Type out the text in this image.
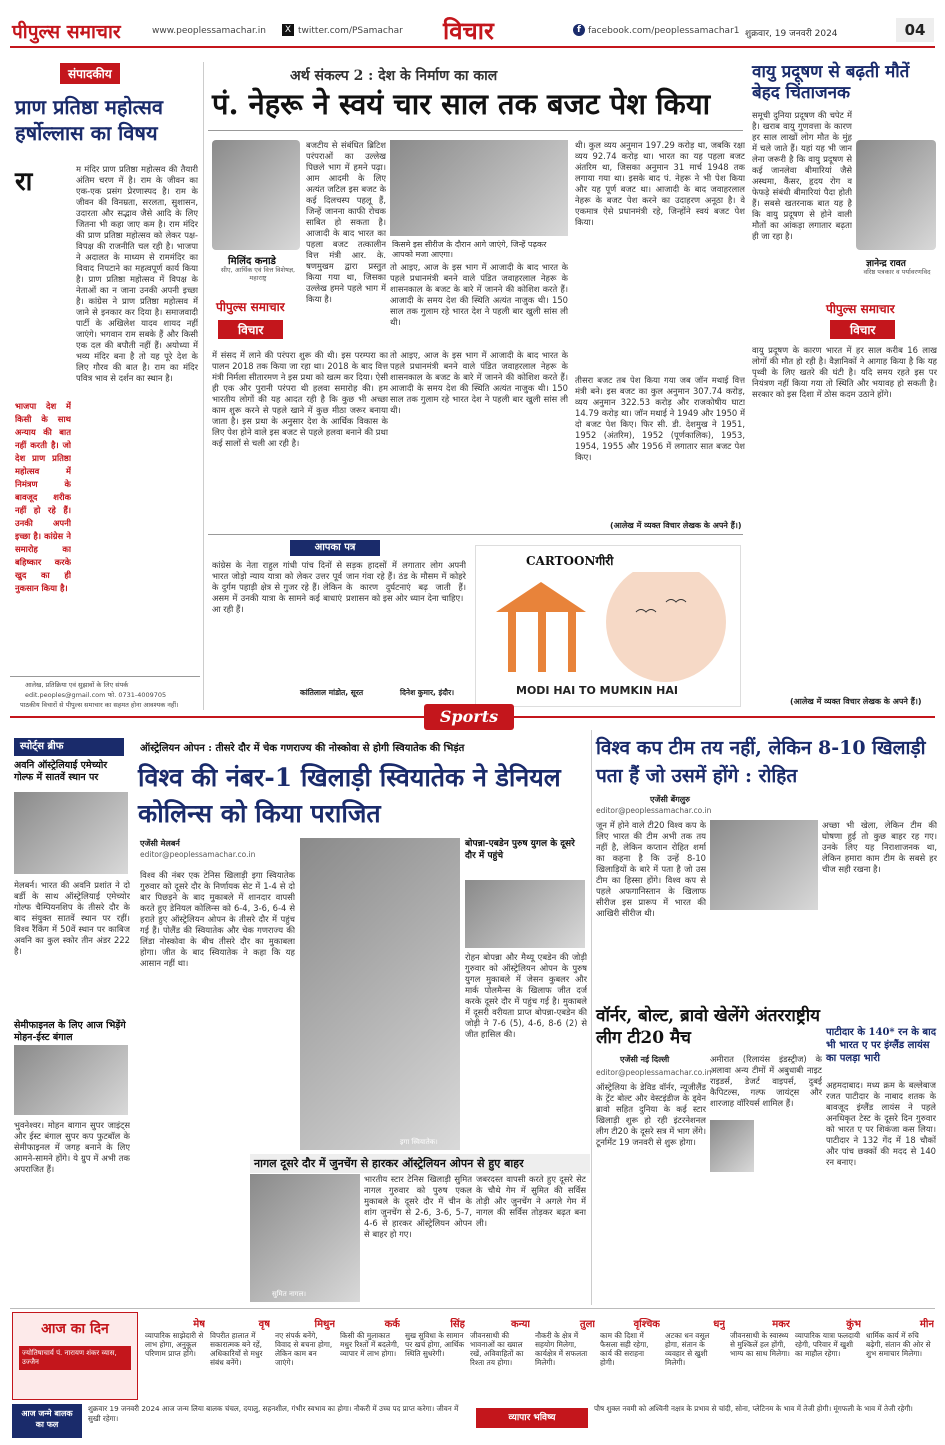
पीपुल्स समाचार	www.peoplessamachar.in	X twitter.com/PSamachar विचार	f facebook.com/peoplessamachar1 शुक्रवार, 19 जनवरी 2024	04
संपादकीय
प्राण प्रतिष्ठा महोत्सव हर्षोल्लास का विषय
रा	म मंदिर प्राण प्रतिष्ठा महोत्सव की तैयारी अंतिम चरण में है। राम के जीवन का एक-एक प्रसंग प्रेरणास्पद है। राम के जीवन की विनम्रता, सरलता, सुशासन, उदारता और सद्भाव जैसे आदि के लिए जितना भी कहा जाए कम है। राम मंदिर की प्राण प्रतिष्ठा महोत्सव को लेकर पक्ष-विपक्ष की राजनीति चल रही है। भाजपा ने अदालत के माध्यम से राममंदिर का विवाद निपटाने का महत्वपूर्ण कार्य किया है। प्राण प्रतिष्ठा महोत्सव में विपक्ष के नेताओं का न जाना उनकी अपनी इच्छा है। कांग्रेस ने प्राण प्रतिष्ठा महोत्सव में जाने से इनकार कर दिया है। समाजवादी पार्टी के अखिलेश यादव शायद नहीं जाएंगे। भगवान राम सबके हैं और किसी एक दल की बपौती नहीं हैं। अयोध्या में भव्य मंदिर बना है तो यह पूरे देश के लिए गौरव की बात है। राम का मंदिर पवित्र भाव से दर्शन का स्थान है।
भाजपा देश में किसी के साथ अन्याय की बात नहीं करती है। जो देश प्राण प्रतिष्ठा महोत्सव में निमंत्रण के बावजूद शरीक नहीं हो रहे हैं। उनकी अपनी इच्छा है। कांग्रेस ने समारोह का बहिष्कार करके खुद का ही नुकसान किया है।
आलेख, प्रतिक्रिया एवं सुझावों के लिए संपर्क
edit.peoples@gmail.com फो. 0731-4009705
पाठकीय विचारों से पीपुल्स समाचार का सहमत होना आवश्यक नहीं।
अर्थ संकल्प 2 : देश के निर्माण का काल
पं. नेहरू ने स्वयं चार साल तक बजट पेश किया
मिलिंद कनाडे
सीए, आर्थिक एवं वित्त विशेषज्ञ, महाराष्ट्र
पीपुल्स समाचार
विचार
बजटीय से संबंधित ब्रिटिश परंपराओं का उल्लेख पिछले भाग में हमने पढ़ा। आम आदमी के लिए अत्यंत जटिल इस बजट के कई दिलचस्प पहलू हैं, जिन्हें जानना काफी रोचक साबित हो सकता है। आजादी के बाद भारत का पहला बजट तत्कालीन वित्त मंत्री आर. के. षणमुखम द्वारा प्रस्तुत किया गया था, जिसका उल्लेख हमने पहले भाग में किया है।
किसमे इस सीरीज के दौरान आगे जाएंगे, जिन्हें पढ़कर आपको मजा आएगा।
तो आइए, आज के इस भाग में आजादी के बाद भारत के पहले प्रधानमंत्री बनने वाले पंडित जवाहरलाल नेहरू के शासनकाल के बजट के बारे में जानने की कोशिश करते हैं। आजादी के समय देश की स्थिति अत्यंत नाजुक थी। 150 साल तक गुलाम रहे भारत देश ने पहली बार खुली सांस ली थी।
में संसद में लाने की परंपरा शुरू की थी। इस परम्परा का पालन 2018 तक किया जा रहा था। 2018 के बाद वित्त मंत्री निर्मला सीतारमण ने इस प्रथा को खत्म कर दिया। ऐसी ही एक और पुरानी परंपरा थी हलवा समारोह की। हम भारतीय लोगों की यह आदत रही है कि कुछ भी अच्छा काम शुरू करने से पहले खाने में कुछ मीठा जरूर बनाया जाता है। इस प्रथा के अनुसार देश के आर्थिक विकास के लिए पेश होने वाले इस बजट से पहले हलवा बनाने की प्रथा कई सालों से चली आ रही है।
तो आइए, आज के इस भाग में आजादी के बाद भारत के पहले प्रधानमंत्री बनने वाले पंडित जवाहरलाल नेहरू के शासनकाल के बजट के बारे में जानने की कोशिश करते हैं। आजादी के समय देश की स्थिति अत्यंत नाजुक थी। 150 साल तक गुलाम रहे भारत देश ने पहली बार खुली सांस ली थी।
थी। कुल व्यय अनुमान 197.29 करोड़ था, जबकि रक्षा व्यय 92.74 करोड़ था। भारत का यह पहला बजट अंतरिम था, जिसका अनुमान 31 मार्च 1948 तक लगाया गया था। इसके बाद पं. नेहरू ने भी पेश किया और यह पूर्ण बजट था। आजादी के बाद जवाहरलाल नेहरू के बजट पेश करने का उदाहरण अनूठा है। वे एकमात्र ऐसे प्रधानमंत्री रहे, जिन्होंने स्वयं बजट पेश किया।
तीसरा बजट तब पेश किया गया जब जॉन मथाई वित्त मंत्री बने। इस बजट का कुल अनुमान 307.74 करोड़, व्यय अनुमान 322.53 करोड़ और राजकोषीय घाटा 14.79 करोड़ था। जॉन मथाई ने 1949 और 1950 में दो बजट पेश किए। फिर सी. डी. देशमुख ने 1951, 1952 (अंतरिम), 1952 (पूर्णकालिक), 1953, 1954, 1955 और 1956 में लगातार सात बजट पेश किए।
(आलेख में व्यक्त विचार लेखक के अपने हैं।)
आपका पत्र
कांग्रेस के नेता राहुल गांधी पांच दिनों से भारत जोड़ो न्याय यात्रा को लेकर उत्तर पूर्व के दुर्गम पहाड़ी क्षेत्र से गुजर रहे हैं। लेकिन असम में उनकी यात्रा के सामने कई बाधाएं आ रही हैं।
सड़क हादसों में लगातार लोग अपनी जान गंवा रहे हैं। ठंड के मौसम में कोहरे के कारण दुर्घटनाएं बढ़ जाती हैं। प्रशासन को इस ओर ध्यान देना चाहिए।
कांतिलाल मांडोत, सूरत	दिनेश कुमार, इंदौर।
CARTOONगीरी
MODI HAI TO MUMKIN HAI
वायु प्रदूषण से बढ़ती मौतें बेहद चिंताजनक
समूची दुनिया प्रदूषण की चपेट में है। खराब वायु गुणवत्ता के कारण हर साल लाखों लोग मौत के मुंह में चले जाते हैं। यहां यह भी जान लेना जरूरी है कि वायु प्रदूषण से कई जानलेवा बीमारियां जैसे अस्थमा, कैंसर, हृदय रोग व फेफड़े संबंधी बीमारियां पैदा होती हैं। सबसे खतरनाक बात यह है कि वायु प्रदूषण से होने वाली मौतों का आंकड़ा लगातार बढ़ता ही जा रहा है।
ज्ञानेन्द्र रावत
वरिष्ठ पत्रकार व पर्यावरणविद
पीपुल्स समाचार
विचार
वायु प्रदूषण के कारण भारत में हर साल करीब 16 लाख लोगों की मौत हो रही है। वैज्ञानिकों ने आगाह किया है कि यह पृथ्वी के लिए खतरे की घंटी है। यदि समय रहते इस पर नियंत्रण नहीं किया गया तो स्थिति और भयावह हो सकती है। सरकार को इस दिशा में ठोस कदम उठाने होंगे।
(आलेख में व्यक्त विचार लेखक के अपने हैं।)
Sports
स्पोर्ट्स ब्रीफ
अवनि ऑस्ट्रेलियाई एमेच्योर गोल्फ में सातवें स्थान पर
मेलबर्न। भारत की अवनि प्रशांत ने दो बर्डी के साथ ऑस्ट्रेलियाई एमेच्योर गोल्फ चैम्पियनशिप के तीसरे दौर के बाद संयुक्त सातवें स्थान पर रहीं। विश्व रैंकिंग में 50वें स्थान पर काबिज अवनि का कुल स्कोर तीन अंडर 222 है।
सेमीफाइनल के लिए आज भिड़ेंगे मोहन-ईस्ट बंगाल
भुवनेश्वर। मोहन बागान सुपर जाइंट्स और ईस्ट बंगाल सुपर कप फुटबॉल के सेमीफाइनल में जगह बनाने के लिए आमने-सामने होंगे। ये ग्रुप में अभी तक अपराजित हैं।
ऑस्ट्रेलियन ओपन : तीसरे दौर में चेक गणराज्य की नोस्कोवा से होगी स्वियातेक की भिड़ंत
विश्व की नंबर-1 खिलाड़ी स्वियातेक ने डेनियल कोलिन्स को किया पराजित
एजेंसी मेलबर्न
editor@peoplessamachar.co.in
विश्व की नंबर एक टेनिस खिलाड़ी इगा स्वियातेक गुरुवार को दूसरे दौर के निर्णायक सेट में 1-4 से दो बार पिछड़ने के बाद मुकाबले में शानदार वापसी करते हुए डेनियल कोलिन्स को 6-4, 3-6, 6-4 से हराते हुए ऑस्ट्रेलियन ओपन के तीसरे दौर में पहुंच गई हैं। पोलैंड की स्वियातेक और चेक गणराज्य की लिंडा नोस्कोवा के बीच तीसरे दौर का मुकाबला होगा। जीत के बाद स्वियातेक ने कहा कि यह आसान नहीं था।
इगा स्वियातेक।
बोपन्ना-एबडेन पुरुष युगल के दूसरे दौर में पहुंचे
रोहन बोपन्ना और मैथ्यू एबडेन की जोड़ी गुरुवार को ऑस्ट्रेलियन ओपन के पुरुष युगल मुकाबले में जेसन कुबलर और मार्क पोलमैन्स के खिलाफ जीत दर्ज करके दूसरे दौर में पहुंच गई है। मुकाबले में दूसरी वरीयता प्राप्त बोपन्ना-एबडेन की जोड़ी ने 7-6 (5), 4-6, 8-6 (2) से जीत हासिल की।
नागल दूसरे दौर में जुनचेंग से हारकर ऑस्ट्रेलियन ओपन से हुए बाहर
सुमित नागल।
भारतीय स्टार टेनिस खिलाड़ी सुमित नागल गुरुवार को पुरुष एकल मुकाबले के दूसरे दौर में चीन के शांग जुनचेंग से 2-6, 3-6, 5-7, 4-6 से हारकर ऑस्ट्रेलियन ओपन से बाहर हो गए।
जबरदस्त वापसी करते हुए दूसरे सेट के चौथे गेम में सुमित की सर्विस तोड़ी और जुनचेंग ने अगले गेम में नागल की सर्विस तोड़कर बढ़त बना ली।
विश्व कप टीम तय नहीं, लेकिन 8-10 खिलाड़ी पता हैं जो उसमें होंगे : रोहित
एजेंसी बेंगलुरु
editor@peoplessamachar.co.in
जून में होने वाले टी20 विश्व कप के लिए भारत की टीम अभी तक तय नहीं है, लेकिन कप्तान रोहित शर्मा का कहना है कि उन्हें 8-10 खिलाड़ियों के बारे में पता है जो उस टीम का हिस्सा होंगे। विश्व कप से पहले अफगानिस्तान के खिलाफ सीरीज इस प्रारूप में भारत की आखिरी सीरीज थी।
अच्छा भी खेला, लेकिन टीम की घोषणा हुई तो कुछ बाहर रह गए। उनके लिए यह निराशाजनक था, लेकिन हमारा काम टीम के सबसे हर चीज सही रखना है।
वॉर्नर, बोल्ट, ब्रावो खेलेंगे अंतरराष्ट्रीय लीग टी20 मैच
एजेंसी नई दिल्ली
editor@peoplessamachar.co.in
ऑस्ट्रेलिया के डेविड वॉर्नर, न्यूजीलैंड के ट्रेंट बोल्ट और वेस्टइंडीज के ड्वेन ब्रावो सहित दुनिया के कई स्टार खिलाड़ी शुरू हो रही इंटरनेशनल लीग टी20 के दूसरे सत्र में भाग लेंगे। टूर्नामेंट 19 जनवरी से शुरू होगा।
अमीरात (रिलायंस इंडस्ट्रीज) के अलावा अन्य टीमों में अबुधाबी नाइट राइडर्स, डेजर्ट वाइपर्स, दुबई कैपिटल्स, गल्फ जायंट्स और शारजाह वॉरियर्स शामिल हैं।
पाटीदार के 140* रन के बाद भी भारत ए पर इंग्लैंड लायंस का पलड़ा भारी
अहमदाबाद। मध्य क्रम के बल्लेबाज रजत पाटीदार के नाबाद शतक के बावजूद इंग्लैंड लायंस ने पहले अनधिकृत टेस्ट के दूसरे दिन गुरुवार को भारत ए पर शिकंजा कस लिया। पाटीदार ने 132 गेंद में 18 चौकों और पांच छक्कों की मदद से 140 रन बनाए।
आज का दिन
ज्योतिषाचार्य पं. नारायण शंकर व्यास, उज्जैन
मेष
व्यापारिक साझेदारी से लाभ होगा, अनुकूल परिणाम प्राप्त होंगे।
वृष
विपरीत हालात में सकारात्मक बने रहें, अधिकारियों से मधुर संबंध बनेंगे।
मिथुन
नए संपर्क बनेंगे, विवाद से बचना होगा, लेकिन काम बन जाएंगे।
कर्क
किसी की मुलाकात मधुर रिश्तों में बदलेगी, व्यापार में लाभ होगा।
सिंह
सुख सुविधा के सामान पर खर्च होगा, आर्थिक स्थिति सुधरेगी।
कन्या
जीवनसाथी की भावनाओं का ख्याल रखें, अविवाहितों का रिश्ता तय होगा।
तुला
नौकरी के क्षेत्र में सहयोग मिलेगा, कार्यक्षेत्र में सफलता मिलेगी।
वृश्चिक
काम की दिशा में फैसला सही रहेगा, कार्य की सराहना होगी।
धनु
अटका धन वसूल होगा, संतान के व्यवहार से खुशी मिलेगी।
मकर
जीवनसाथी के स्वास्थ्य से मुश्किलें हल होंगी, भाग्य का साथ मिलेगा।
कुंभ
व्यापारिक यात्रा फलदायी रहेगी, परिवार में खुशी का माहौल रहेगा।
मीन
धार्मिक कार्य में रुचि बढ़ेगी, संतान की ओर से शुभ समाचार मिलेगा।
आज जन्मे बालक का फल
शुक्रवार 19 जनवरी 2024 आज जन्म लिया बालक चंचल, दयालु, सहनशील, गंभीर स्वभाव का होगा। नौकरी में उच्च पद प्राप्त करेगा। जीवन में सुखी रहेगा।	व्यापार भविष्य
पौष शुक्ल नवमी को अश्विनी नक्षत्र के प्रभाव से चांदी, सोना, प्लेटिनम के भाव में तेजी होगी। मूंगफली के भाव में तेजी रहेगी।
